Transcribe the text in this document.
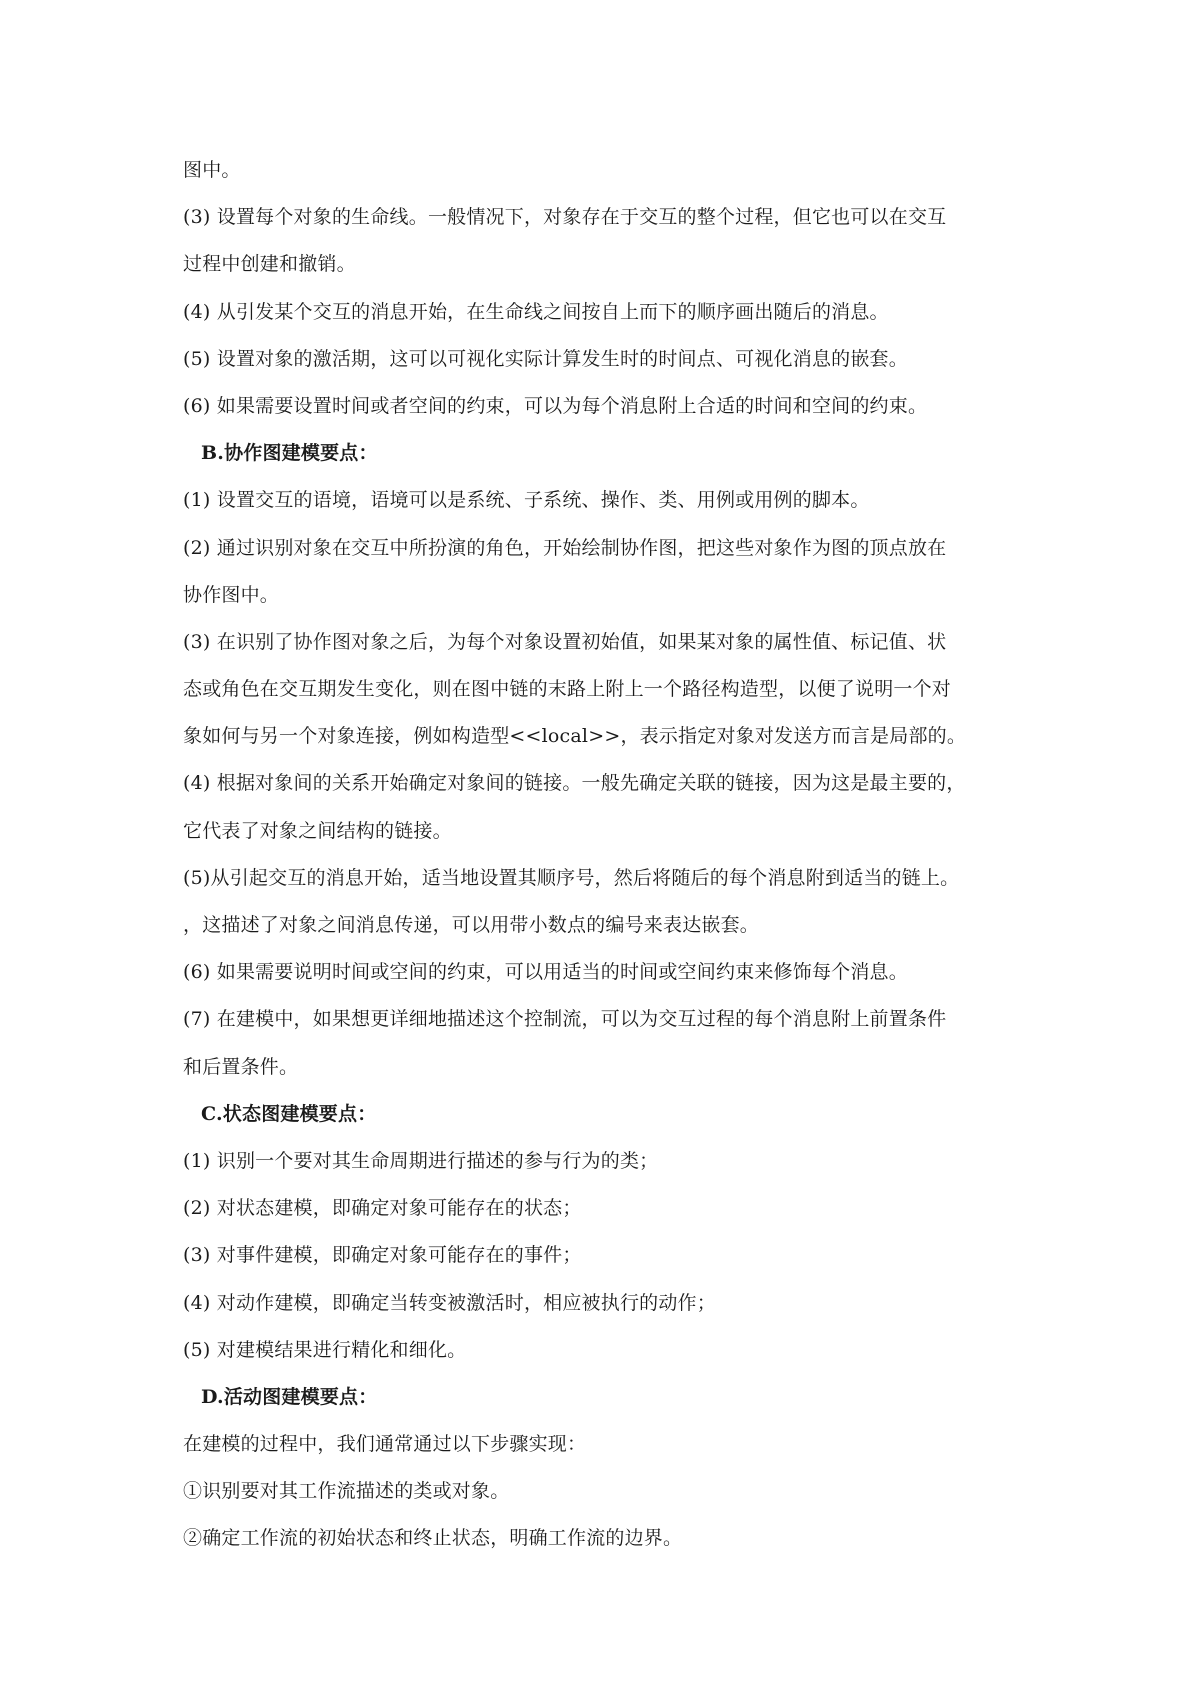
图中。
(3) 设置每个对象的生命线。一般情况下，对象存在于交互的整个过程，但它也可以在交互
过程中创建和撤销。
(4) 从引发某个交互的消息开始，在生命线之间按自上而下的顺序画出随后的消息。
(5) 设置对象的激活期，这可以可视化实际计算发生时的时间点、可视化消息的嵌套。
(6) 如果需要设置时间或者空间的约束，可以为每个消息附上合适的时间和空间的约束。
B.协作图建模要点：
(1) 设置交互的语境，语境可以是系统、子系统、操作、类、用例或用例的脚本。
(2) 通过识别对象在交互中所扮演的角色，开始绘制协作图，把这些对象作为图的顶点放在
协作图中。
(3) 在识别了协作图对象之后，为每个对象设置初始值，如果某对象的属性值、标记值、状
态或角色在交互期发生变化，则在图中链的末路上附上一个路径构造型，以便了说明一个对
象如何与另一个对象连接，例如构造型<<local>>，表示指定对象对发送方而言是局部的。
(4) 根据对象间的关系开始确定对象间的链接。一般先确定关联的链接，因为这是最主要的，
它代表了对象之间结构的链接。
(5)从引起交互的消息开始，适当地设置其顺序号，然后将随后的每个消息附到适当的链上。
，这描述了对象之间消息传递，可以用带小数点的编号来表达嵌套。
(6) 如果需要说明时间或空间的约束，可以用适当的时间或空间约束来修饰每个消息。
(7) 在建模中，如果想更详细地描述这个控制流，可以为交互过程的每个消息附上前置条件
和后置条件。
C.状态图建模要点：
(1) 识别一个要对其生命周期进行描述的参与行为的类；
(2) 对状态建模，即确定对象可能存在的状态；
(3) 对事件建模，即确定对象可能存在的事件；
(4) 对动作建模，即确定当转变被激活时，相应被执行的动作；
(5) 对建模结果进行精化和细化。
D.活动图建模要点：
在建模的过程中，我们通常通过以下步骤实现：
①识别要对其工作流描述的类或对象。
②确定工作流的初始状态和终止状态，明确工作流的边界。
